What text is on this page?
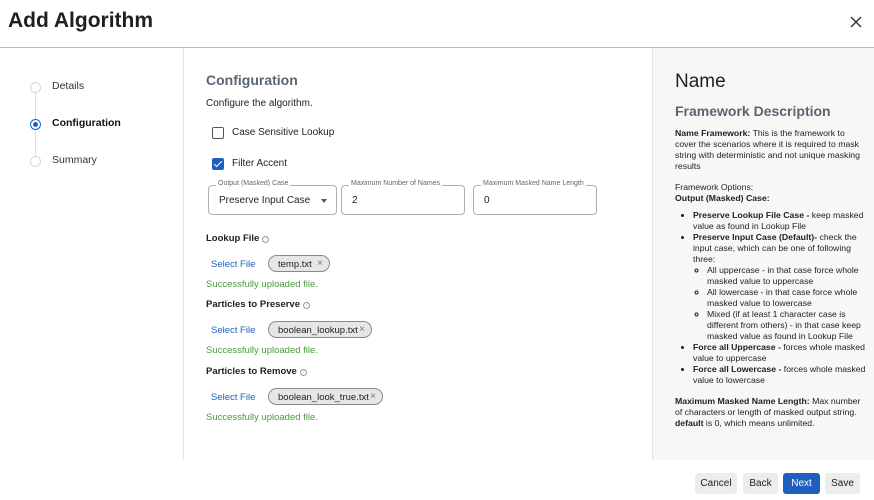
Add Algorithm
Details
Configuration
Summary
Configuration
Configure the algorithm.
Case Sensitive Lookup
Filter Accent
Output (Masked) Case
Preserve Input Case
Maximum Number of Names
2
Maximum Masked Name Length
0
Lookup File ?
Select File temp.txt ×
Successfully uploaded file.
Particles to Preserve ?
Select File boolean_lookup.txt ×
Successfully uploaded file.
Particles to Remove ?
Select File boolean_look_true.txt ×
Successfully uploaded file.
Name
Framework Description
Name Framework: This is the framework to cover the scenarios where it is required to mask string with deterministic and not unique masking results
Framework Options:
Output (Masked) Case:
• Preserve Lookup File Case - keep masked value as found in Lookup File
• Preserve Input Case (Default)- check the input case, which can be one of following three:
◦ All uppercase - in that case force whole masked value to uppercase
◦ All lowercase - in that case force whole masked value to lowercase
◦ Mixed (if at least 1 character case is different from others) - in that case keep masked value as found in Lookup File
• Force all Uppercase - forces whole masked value to uppercase
• Force all Lowercase - forces whole masked value to lowercase
Maximum Masked Name Length: Max number of characters or length of masked output string. default is 0, which means unlimited.
Cancel	Back	Next	Save
